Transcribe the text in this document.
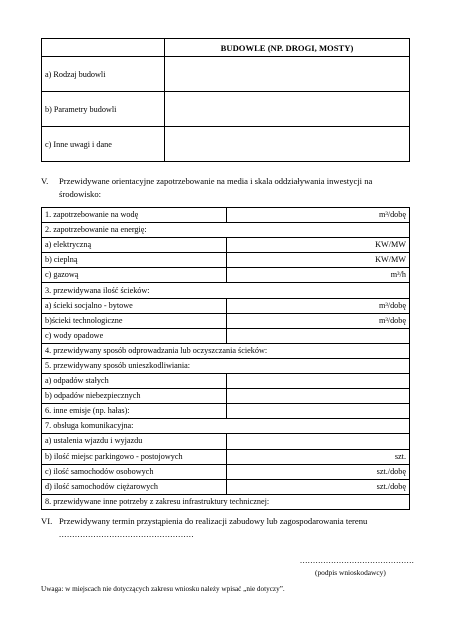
	BUDOWLE (NP. DROGI, MOSTY)
a) Rodzaj budowli	
b) Parametry budowli	
c) Inne uwagi i dane	
V. Przewidywane orientacyjne zapotrzebowanie na media i skala oddziaływania inwestycji na
środowisko:
1. zapotrzebowanie na wodę	m³/dobę
2. zapotrzebowanie na energię:	
a) elektryczną	KW/MW
b) cieplną	KW/MW
c) gazową	m³/h
3. przewidywana ilość ścieków:	
a) ścieki socjalno - bytowe	m³/dobę
b)ścieki technologiczne	m³/dobę
c) wody opadowe	
4. przewidywany sposób odprowadzania lub oczyszczania ścieków:	
5. przewidywany sposób unieszkodliwiania:	
a) odpadów stałych	
b) odpadów niebezpiecznych	
6. inne emisje (np. hałas):	
7. obsługa komunikacyjna:	
a) ustalenia wjazdu i wyjazdu	
b) ilość miejsc parkingowo - postojowych	szt.
c) ilość samochodów osobowych	szt./dobę
d) ilość samochodów ciężarowych	szt./dobę
8. przewidywane inne potrzeby z zakresu infrastruktury technicznej:	
VI. Przewidywany termin przystąpienia do realizacji zabudowy lub zagospodarowania terenu
...................................................
............................................
(podpis wnioskodawcy)
Uwaga: w miejscach nie dotyczących zakresu wniosku należy wpisać „nie dotyczy”.
